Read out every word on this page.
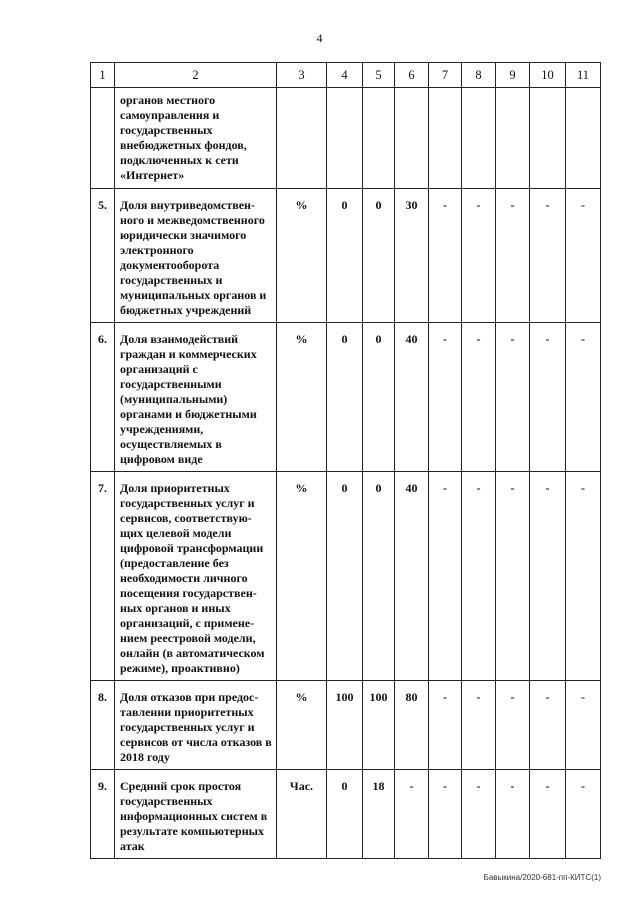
4
1	2	3	4	5	6	7	8	9	10	11
	органов местного самоуправления и государственных внебюджетных фондов, подключенных к сети «Интернет»									
5.	Доля внутриведомствен-ного и межведомственного юридически значимого электронного документооборота государственных и муниципальных органов и бюджетных учреждений	%	0	0	30	-	-	-	-	-
6.	Доля взаимодействий граждан и коммерческих организаций с государственными (муниципальными) органами и бюджетными учреждениями, осуществляемых в цифровом виде	%	0	0	40	-	-	-	-	-
7.	Доля приоритетных государственных услуг и сервисов, соответствую-щих целевой модели цифровой трансформации (предоставление без необходимости личного посещения государствен-ных органов и иных организаций, с примене-нием реестровой модели, онлайн (в автоматическом режиме), проактивно)	%	0	0	40	-	-	-	-	-
8.	Доля отказов при предос-тавлении приоритетных государственных услуг и сервисов от числа отказов в 2018 году	%	100	100	80	-	-	-	-	-
9.	Средний срок простоя государственных информационных систем в результате компьютерных атак	Час.	0	18	-	-	-	-	-	-
Бавыкина/2020-681-пп-КИТС(1)
